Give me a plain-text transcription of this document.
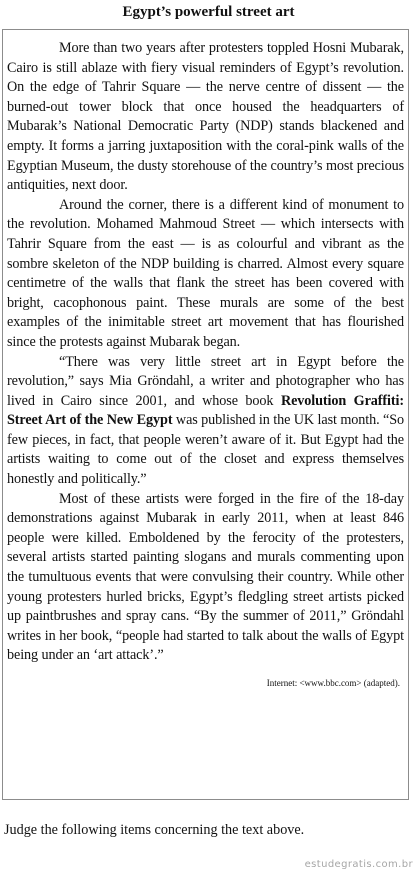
Egypt’s powerful street art

More than two years after protesters toppled Hosni Mubarak, Cairo is still ablaze with fiery visual reminders of Egypt’s revolution. On the edge of Tahrir Square — the nerve centre of dissent — the burned-out tower block that once housed the headquarters of Mubarak’s National Democratic Party (NDP) stands blackened and empty. It forms a jarring juxtaposition with the coral-pink walls of the Egyptian Museum, the dusty storehouse of the country’s most precious antiquities, next door.

Around the corner, there is a different kind of monument to the revolution. Mohamed Mahmoud Street — which intersects with Tahrir Square from the east — is as colourful and vibrant as the sombre skeleton of the NDP building is charred. Almost every square centimetre of the walls that flank the street has been covered with bright, cacophonous paint. These murals are some of the best examples of the inimitable street art movement that has flourished since the protests against Mubarak began.

“There was very little street art in Egypt before the revolution,” says Mia Gröndahl, a writer and photographer who has lived in Cairo since 2001, and whose book Revolution Graffiti: Street Art of the New Egypt was published in the UK last month. “So few pieces, in fact, that people weren’t aware of it. But Egypt had the artists waiting to come out of the closet and express themselves honestly and politically.”

Most of these artists were forged in the fire of the 18-day demonstrations against Mubarak in early 2011, when at least 846 people were killed. Emboldened by the ferocity of the protesters, several artists started painting slogans and murals commenting upon the tumultuous events that were convulsing their country. While other young protesters hurled bricks, Egypt’s fledgling street artists picked up paintbrushes and spray cans. “By the summer of 2011,” Gröndahl writes in her book, “people had started to talk about the walls of Egypt being under an ‘art attack’.”

Internet: <www.bbc.com> (adapted).

Judge the following items concerning the text above.

estudegratis.com.br
